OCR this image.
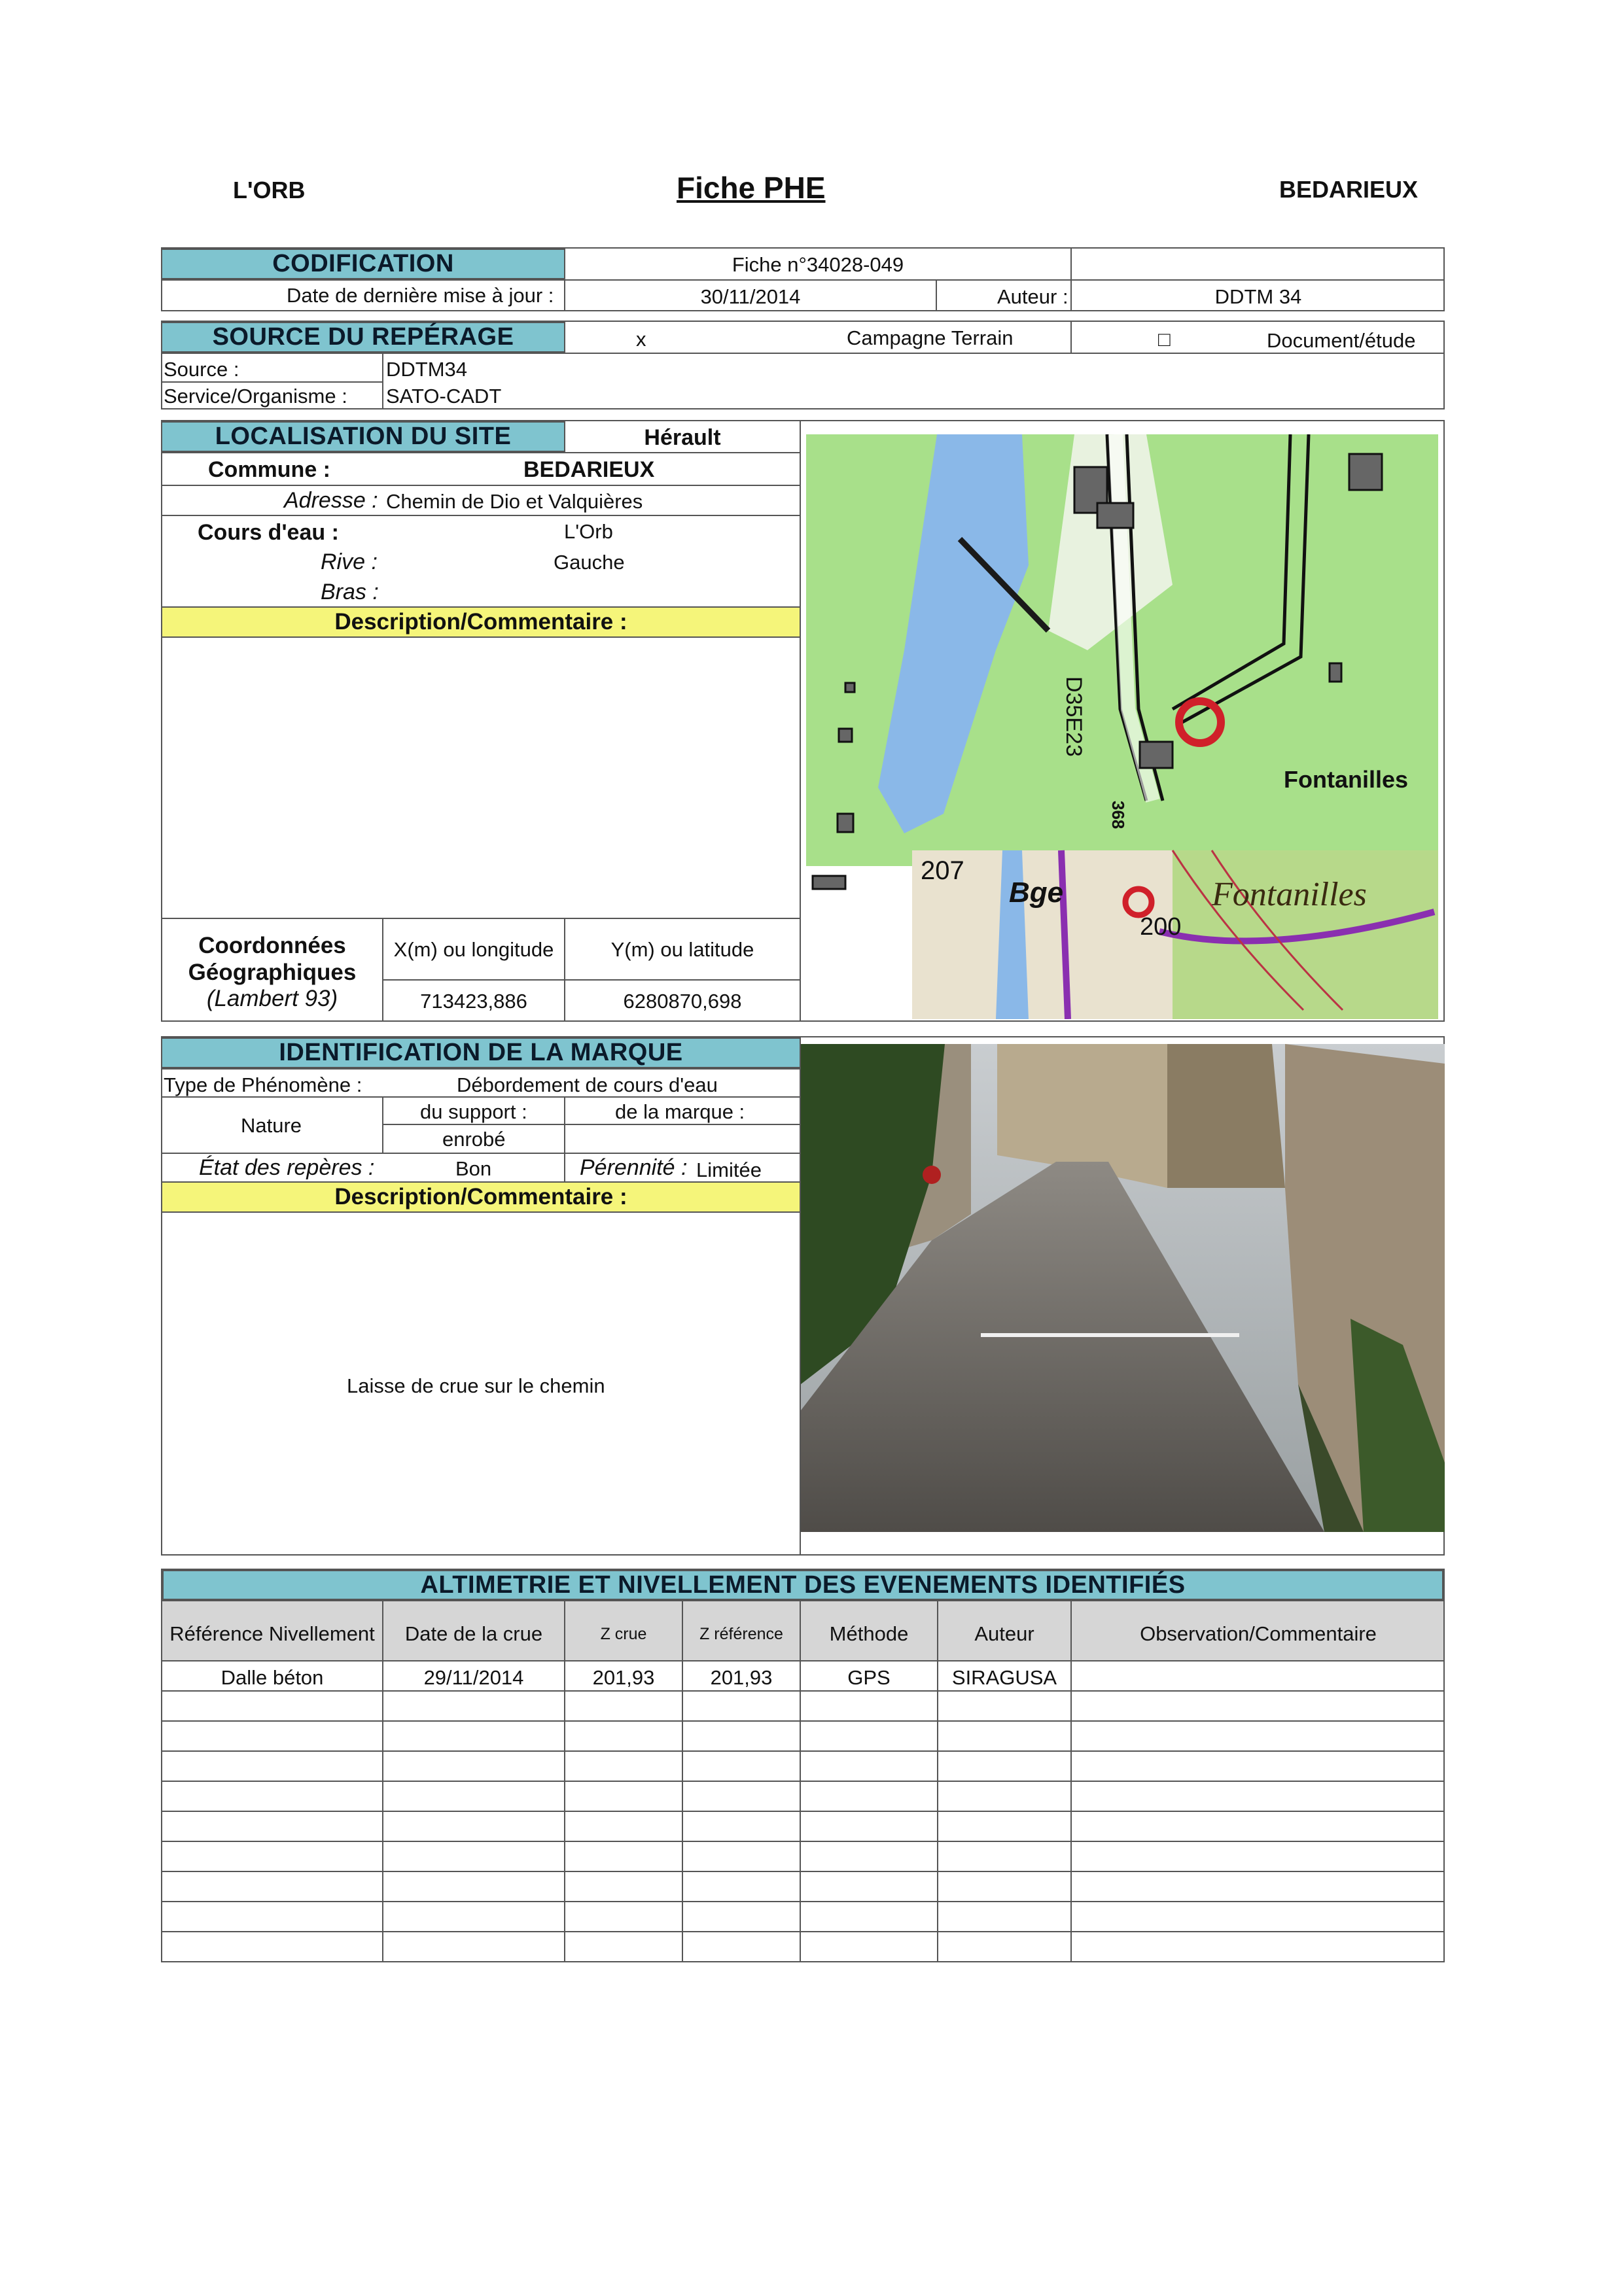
L'ORB	Fiche PHE	BEDARIEUX
CODIFICATION	Fiche n°34028-049
Date de dernière mise à jour :	30/11/2014	Auteur :	DDTM 34
SOURCE DU REPÉRAGE	x	Campagne Terrain	□	Document/étude
Source :	DDTM34
Service/Organisme : SATO-CADT
LOCALISATION DU SITE	Hérault
Commune :	BEDARIEUX
Adresse : Chemin de Dio et Valquières
Cours d'eau :	L'Orb
Rive :	Gauche
Bras :
Description/Commentaire :
Coordonnées
Géographiques
(Lambert 93)
X(m) ou longitude	Y(m) ou latitude
713423,886	6280870,698
D35E23
368
Fontanilles
207
Bge	Fontanilles
200
IDENTIFICATION DE LA MARQUE
Type de Phénomène :	Débordement de cours d'eau
Nature
du support :	de la marque :
enrobé
État des repères :	Bon	Pérennité : Limitée
Description/Commentaire :
Laisse de crue sur le chemin
ALTIMETRIE ET NIVELLEMENT DES EVENEMENTS IDENTIFIÉS
Référence Nivellement	Date de la crue	Z crue	Z référence	Méthode	Auteur	Observation/Commentaire
Dalle béton	29/11/2014	201,93	201,93	GPS	SIRAGUSA
